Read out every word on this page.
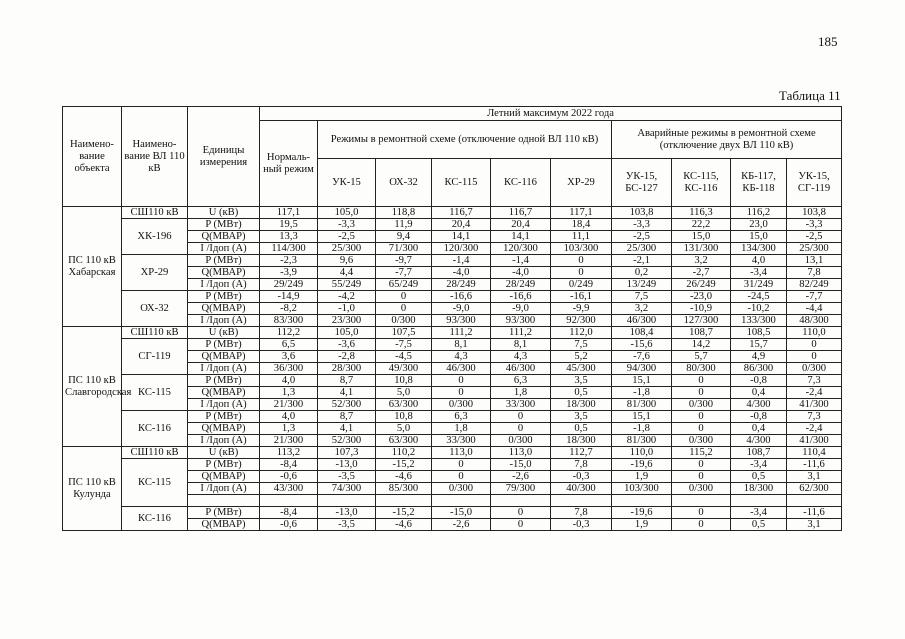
185
Таблица 11
Наимено-вание объекта	Наимено-вание ВЛ 110 кВ	Единицы измерения	Летний максимум 2022 года									
			Нормаль-ный режим	Режимы в ремонтной схеме (отключение одной ВЛ 110 кВ)					Аварийные режимы в ремонтной схеме (отключение двух ВЛ 110 кВ)			
				УК-15	ОХ-32	КС-115	КС-116	ХР-29	УК-15, БС-127	КС-115, КС-116	КБ-117, КБ-118	УК-15, СГ-119
ПС 110 кВ Хабарская	СШ110 кВ	U (кВ)	117,1	105,0	118,8	116,7	116,7	117,1	103,8	116,3	116,2	103,8
	ХК-196	P (МВт)	19,5	-3,3	11,9	20,4	20,4	18,4	-3,3	22,2	23,0	-3,3
		Q(МВАР)	13,3	-2,5	9,4	14,1	14,1	11,1	-2,5	15,0	15,0	-2,5
		I /Iдоп (А)	114/300	25/300	71/300	120/300	120/300	103/300	25/300	131/300	134/300	25/300
	ХР-29	P (МВт)	-2,3	9,6	-9,7	-1,4	-1,4	0	-2,1	3,2	4,0	13,1
		Q(МВАР)	-3,9	4,4	-7,7	-4,0	-4,0	0	0,2	-2,7	-3,4	7,8
		I /Iдоп (А)	29/249	55/249	65/249	28/249	28/249	0/249	13/249	26/249	31/249	82/249
	ОХ-32	P (МВт)	-14,9	-4,2	0	-16,6	-16,6	-16,1	7,5	-23,0	-24,5	-7,7
		Q(МВАР)	-8,2	-1,0	0	-9,0	-9,0	-9,9	3,2	-10,9	-10,2	-4,4
		I /Iдоп (А)	83/300	23/300	0/300	93/300	93/300	92/300	46/300	127/300	133/300	48/300
ПС 110 кВ Славгородская	СШ110 кВ	U (кВ)	112,2	105,0	107,5	111,2	111,2	112,0	108,4	108,7	108,5	110,0
	СГ-119	P (МВт)	6,5	-3,6	-7,5	8,1	8,1	7,5	-15,6	14,2	15,7	0
		Q(МВАР)	3,6	-2,8	-4,5	4,3	4,3	5,2	-7,6	5,7	4,9	0
		I /Iдоп (А)	36/300	28/300	49/300	46/300	46/300	45/300	94/300	80/300	86/300	0/300
	КС-115	P (МВт)	4,0	8,7	10,8	0	6,3	3,5	15,1	0	-0,8	7,3
		Q(МВАР)	1,3	4,1	5,0	0	1,8	0,5	-1,8	0	0,4	-2,4
		I /Iдоп (А)	21/300	52/300	63/300	0/300	33/300	18/300	81/300	0/300	4/300	41/300
	КС-116	P (МВт)	4,0	8,7	10,8	6,3	0	3,5	15,1	0	-0,8	7,3
		Q(МВАР)	1,3	4,1	5,0	1,8	0	0,5	-1,8	0	0,4	-2,4
		I /Iдоп (А)	21/300	52/300	63/300	33/300	0/300	18/300	81/300	0/300	4/300	41/300
ПС 110 кВ Кулунда	СШ110 кВ	U (кВ)	113,2	107,3	110,2	113,0	113,0	112,7	110,0	115,2	108,7	110,4
	КС-115	P (МВт)	-8,4	-13,0	-15,2	0	-15,0	7,8	-19,6	0	-3,4	-11,6
		Q(МВАР)	-0,6	-3,5	-4,6	0	-2,6	-0,3	1,9	0	0,5	3,1
		I /Iдоп (А)	43/300	74/300	85/300	0/300	79/300	40/300	103/300	0/300	18/300	62/300

	КС-116	P (МВт)	-8,4	-13,0	-15,2	-15,0	0	7,8	-19,6	0	-3,4	-11,6
		Q(МВАР)	-0,6	-3,5	-4,6	-2,6	0	-0,3	1,9	0	0,5	3,1
